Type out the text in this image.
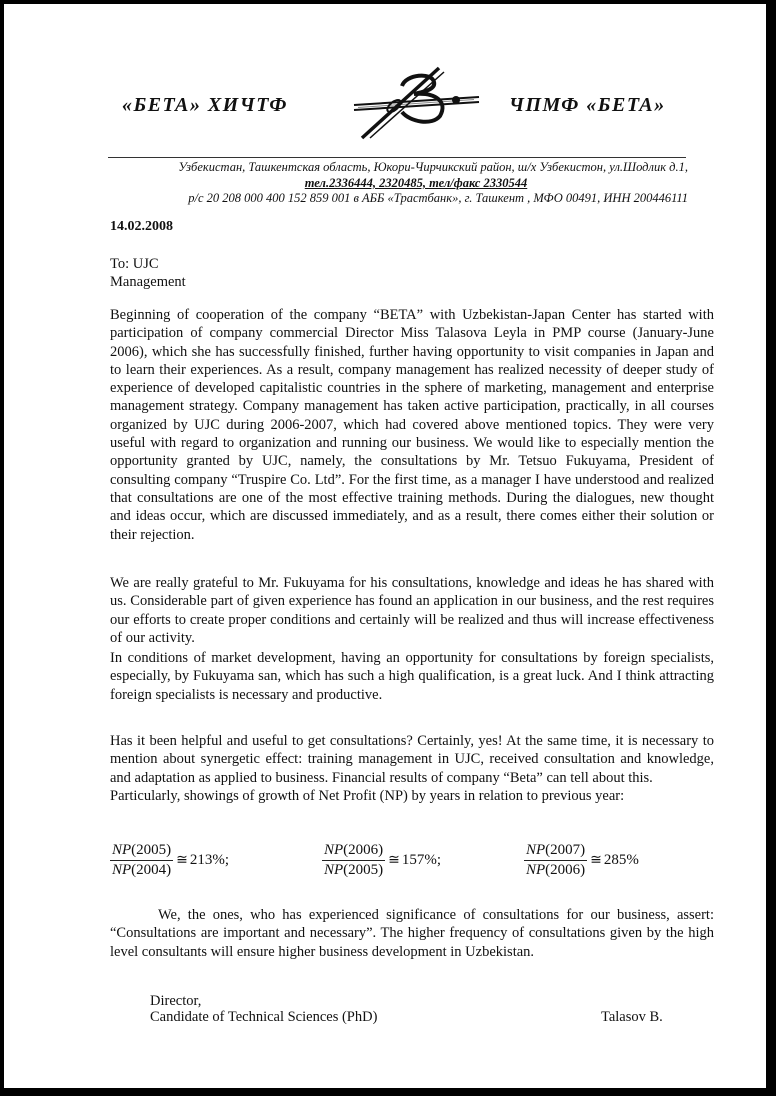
«БЕТА» ХИЧТФ	ЧПМФ «БЕТА»
Узбекистан, Ташкентская область, Юкори-Чирчикский район, ш/х Узбекистон, ул.Шодлик д.1,
тел.2336444, 2320485, тел/факс 2330544
р/с 20 208 000 400 152 859 001 в АББ «Трастбанк», г. Ташкент , МФО 00491, ИНН 200446111
14.02.2008
To: UJC
Management
Beginning of cooperation of the company “BETA” with Uzbekistan-Japan Center has started with participation of company commercial Director Miss Talasova Leyla in PMP course (January-June 2006), which she has successfully finished, further having opportunity to visit companies in Japan and to learn their experiences. As a result, company management has realized necessity of deeper study of experience of developed capitalistic countries in the sphere of marketing, management and enterprise management strategy. Company management has taken active participation, practically, in all courses organized by UJC during 2006-2007, which had covered above mentioned topics. They were very useful with regard to organization and running our business. We would like to especially mention the opportunity granted by UJC, namely, the consultations by Mr. Tetsuo Fukuyama, President of consulting company “Truspire Co. Ltd”. For the first time, as a manager I have understood and realized that consultations are one of the most effective training methods. During the dialogues, new thought and ideas occur, which are discussed immediately, and as a result, there comes either their solution or their rejection.
We are really grateful to Mr. Fukuyama for his consultations, knowledge and ideas he has shared with us. Considerable part of given experience has found an application in our business, and the rest requires our efforts to create proper conditions and certainly will be realized and thus will increase effectiveness of our activity.
In conditions of market development, having an opportunity for consultations by foreign specialists, especially, by Fukuyama san, which has such a high qualification, is a great luck. And I think attracting foreign specialists is necessary and productive.
Has it been helpful and useful to get consultations? Certainly, yes! At the same time, it is necessary to mention about synergetic effect: training management in UJC, received consultation and knowledge, and adaptation as applied to business. Financial results of company “Beta” can tell about this.
Particularly, showings of growth of Net Profit (NP) by years in relation to previous year:
$\frac{NP(2005)}{NP(2004)}$ ≅ 213%;	$\frac{NP(2006)}{NP(2005)}$ ≅ 157%;	$\frac{NP(2007)}{NP(2006)}$ ≅ 285%
We, the ones, who has experienced significance of consultations for our business, assert: “Consultations are important and necessary”. The higher frequency of consultations given by the high level consultants will ensure higher business development in Uzbekistan.
Director,
Candidate of Technical Sciences (PhD)	Talasov B.
